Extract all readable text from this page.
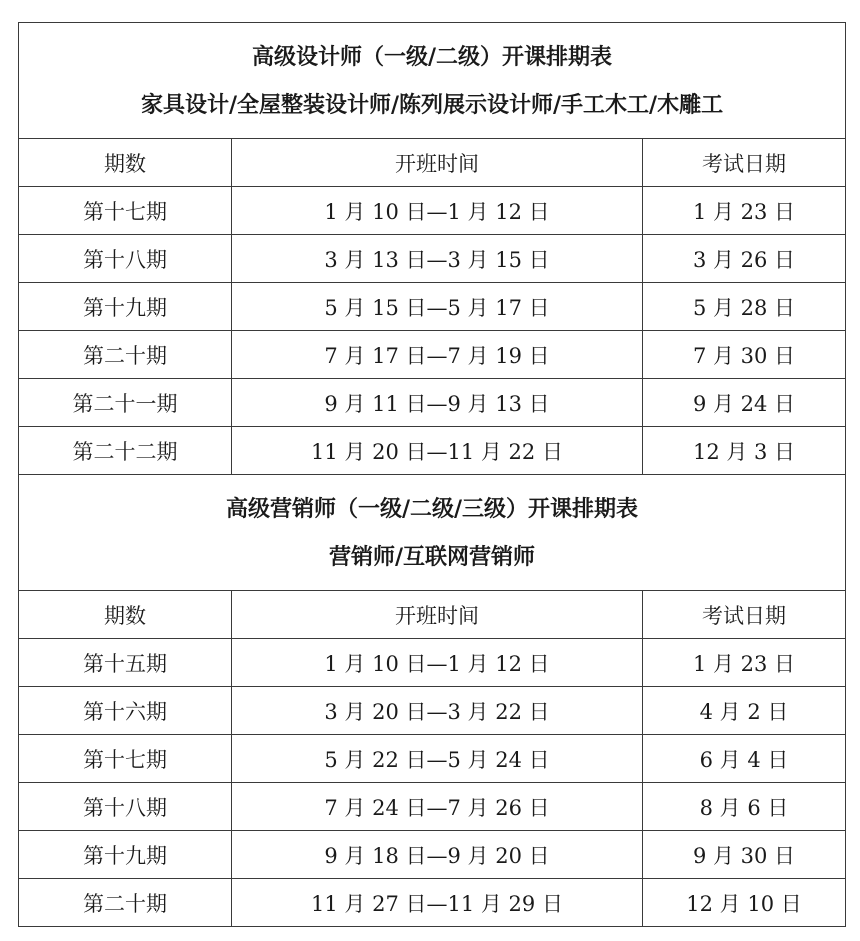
高级设计师（一级/二级）开课排期表
家具设计/全屋整装设计师/陈列展示设计师/手工木工/木雕工		

期数	开班时间	考试日期
第十七期	1 月 10 日—1 月 12 日	1 月 23 日
第十八期	3 月 13 日—3 月 15 日	3 月 26 日
第十九期	5 月 15 日—5 月 17 日	5 月 28 日
第二十期	7 月 17 日—7 月 19 日	7 月 30 日
第二十一期	9 月 11 日—9 月 13 日	9 月 24 日
第二十二期	11 月 20 日—11 月 22 日	12 月 3 日

高级营销师（一级/二级/三级）开课排期表
营销师/互联网营销师		

期数	开班时间	考试日期
第十五期	1 月 10 日—1 月 12 日	1 月 23 日
第十六期	3 月 20 日—3 月 22 日	4 月 2 日
第十七期	5 月 22 日—5 月 24 日	6 月 4 日
第十八期	7 月 24 日—7 月 26 日	8 月 6 日
第十九期	9 月 18 日—9 月 20 日	9 月 30 日
第二十期	11 月 27 日—11 月 29 日	12 月 10 日
